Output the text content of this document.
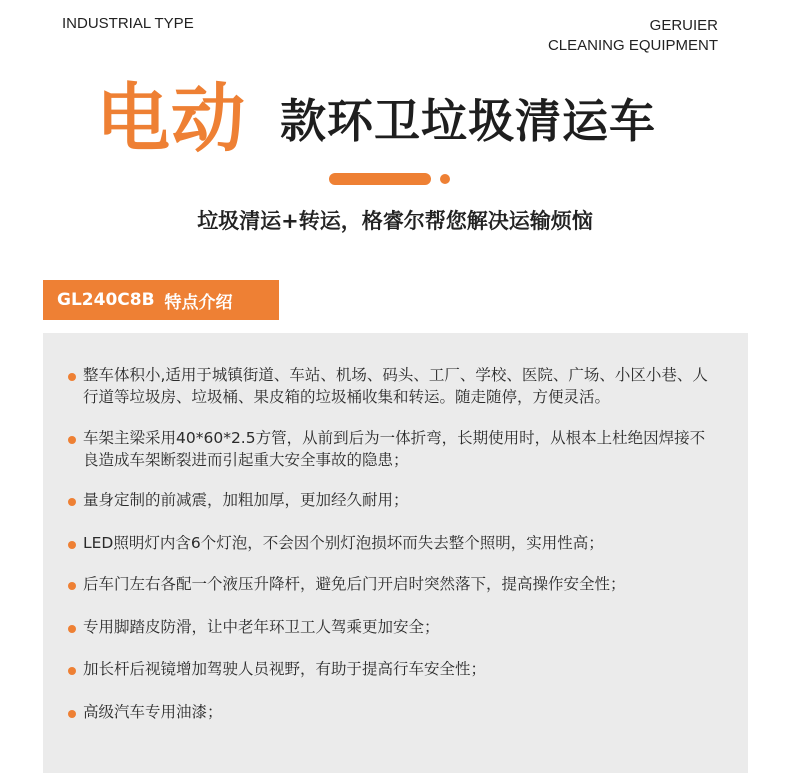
INDUSTRIAL TYPE	GERUIER
CLEANING EQUIPMENT
电动 款环卫垃圾清运车
垃圾清运+转运，格睿尔帮您解决运输烦恼
GL240C8B 特点介绍
整车体积小,适用于城镇街道、车站、机场、码头、工厂、学校、医院、广场、小区小巷、人行道等垃圾房、垃圾桶、果皮箱的垃圾桶收集和转运。随走随停，方便灵活。
车架主梁采用40*60*2.5方管，从前到后为一体折弯，长期使用时，从根本上杜绝因焊接不良造成车架断裂进而引起重大安全事故的隐患；
量身定制的前减震，加粗加厚，更加经久耐用；
LED照明灯内含6个灯泡，不会因个别灯泡损坏而失去整个照明，实用性高；
后车门左右各配一个液压升降杆，避免后门开启时突然落下，提高操作安全性；
专用脚踏皮防滑，让中老年环卫工人驾乘更加安全；
加长杆后视镜增加驾驶人员视野，有助于提高行车安全性；
高级汽车专用油漆；
